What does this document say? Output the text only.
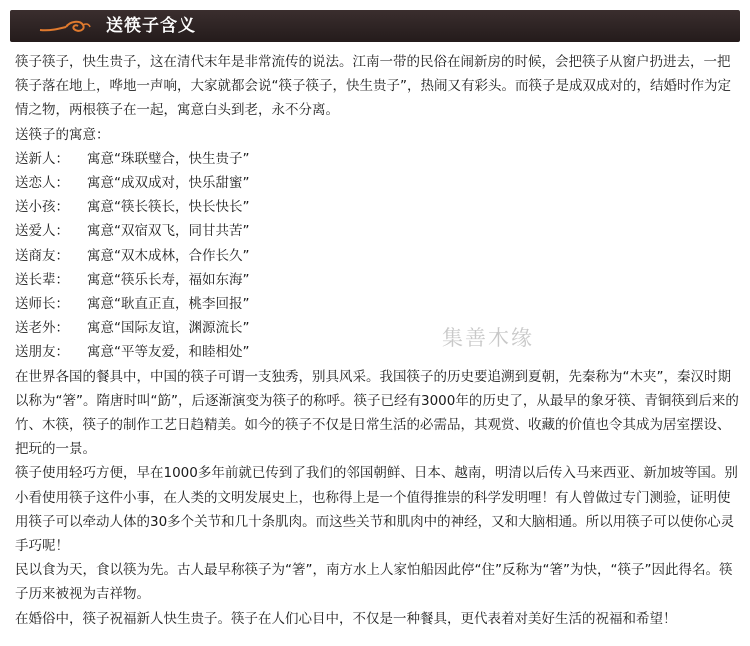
送筷子含义

筷子筷子，快生贵子，这在清代末年是非常流传的说法。江南一带的民俗在闹新房的时候，会把筷子从窗户扔进去，一把筷子落在地上，哗地一声响，大家就都会说“筷子筷子，快生贵子”，热闹又有彩头。而筷子是成双成对的，结婚时作为定情之物，两根筷子在一起，寓意白头到老，永不分离。

送筷子的寓意：

送新人：	寓意“珠联璧合，快生贵子”
送恋人：	寓意“成双成对，快乐甜蜜”
送小孩：	寓意“筷长筷长，快长快长”
送爱人：	寓意“双宿双飞，同甘共苦”
送商友：	寓意“双木成林，合作长久”
送长辈：	寓意“筷乐长寿，福如东海”
送师长：	寓意“耿直正直，桃李回报”
送老外：	寓意“国际友谊，渊源流长”
送朋友：	寓意“平等友爱，和睦相处”

在世界各国的餐具中，中国的筷子可谓一支独秀，别具风采。我国筷子的历史要追溯到夏朝，先秦称为“木夹”，秦汉时期以称为“箸”。隋唐时叫“筯”，后逐渐演变为筷子的称呼。筷子已经有3000年的历史了，从最早的象牙筷、青铜筷到后来的竹、木筷，筷子的制作工艺日趋精美。如今的筷子不仅是日常生活的必需品，其观赏、收藏的价值也令其成为居室摆设、把玩的一景。

筷子使用轻巧方便，早在1000多年前就已传到了我们的邻国朝鲜、日本、越南，明清以后传入马来西亚、新加坡等国。别小看使用筷子这件小事，在人类的文明发展史上，也称得上是一个值得推崇的科学发明哩！有人曾做过专门测验，证明使用筷子可以牵动人体的30多个关节和几十条肌肉。而这些关节和肌肉中的神经，又和大脑相通。所以用筷子可以使你心灵手巧呢！

民以食为天，食以筷为先。古人最早称筷子为“箸”，南方水上人家怕船因此停“住”反称为“箸”为快，“筷子”因此得名。筷子历来被视为吉祥物。

在婚俗中，筷子祝福新人快生贵子。筷子在人们心目中，不仅是一种餐具，更代表着对美好生活的祝福和希望！

集善木缘
